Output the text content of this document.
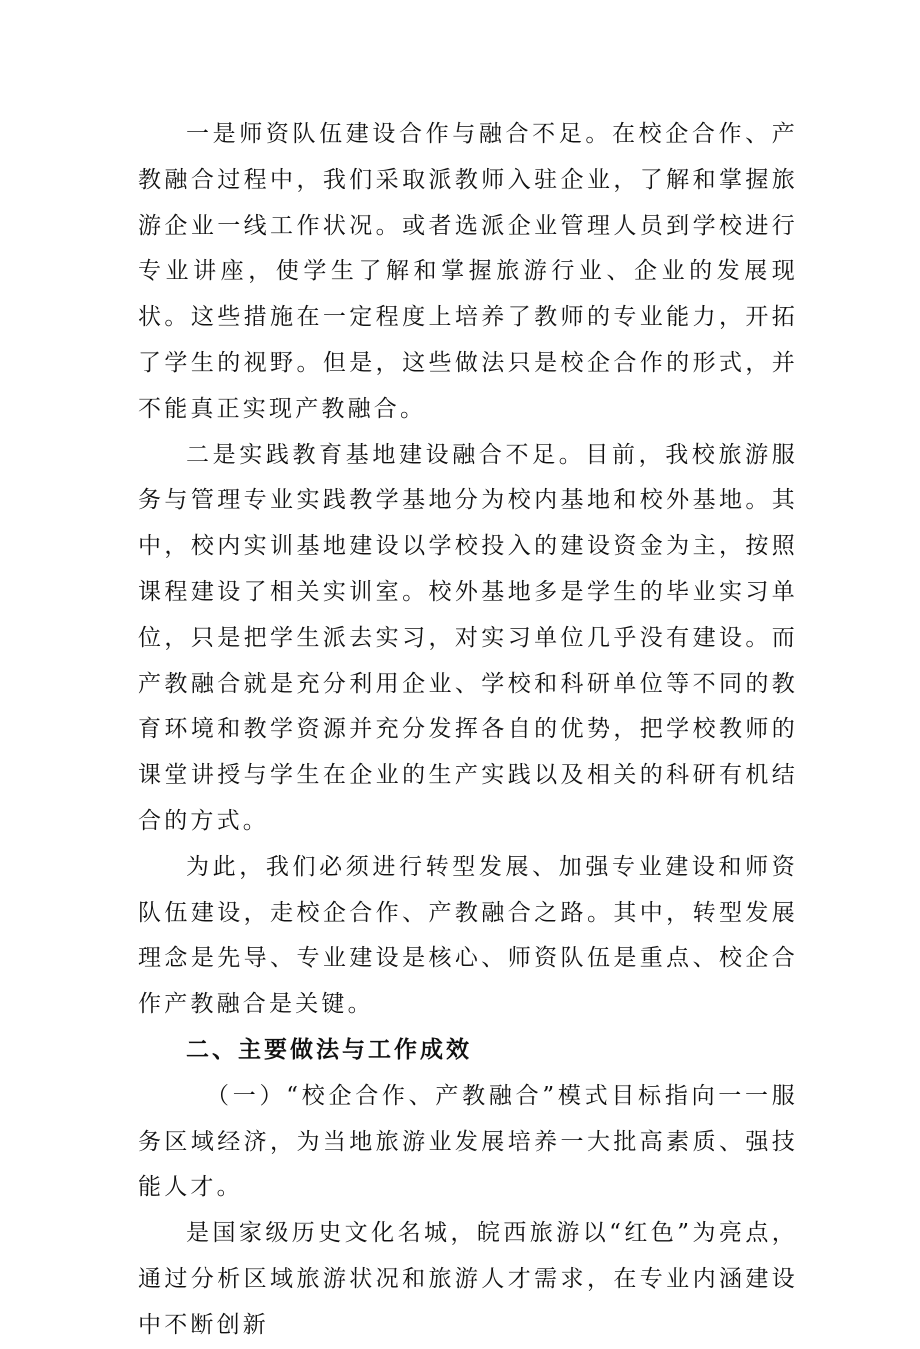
一是师资队伍建设合作与融合不足。在校企合作、产教融合过程中，我们采取派教师入驻企业，了解和掌握旅游企业一线工作状况。或者选派企业管理人员到学校进行专业讲座，使学生了解和掌握旅游行业、企业的发展现状。这些措施在一定程度上培养了教师的专业能力，开拓了学生的视野。但是，这些做法只是校企合作的形式，并不能真正实现产教融合。

二是实践教育基地建设融合不足。目前，我校旅游服务与管理专业实践教学基地分为校内基地和校外基地。其中，校内实训基地建设以学校投入的建设资金为主，按照课程建设了相关实训室。校外基地多是学生的毕业实习单位，只是把学生派去实习，对实习单位几乎没有建设。而产教融合就是充分利用企业、学校和科研单位等不同的教育环境和教学资源并充分发挥各自的优势，把学校教师的课堂讲授与学生在企业的生产实践以及相关的科研有机结合的方式。

为此，我们必须进行转型发展、加强专业建设和师资队伍建设，走校企合作、产教融合之路。其中，转型发展理念是先导、专业建设是核心、师资队伍是重点、校企合作产教融合是关键。

二、主要做法与工作成效

（一）“校企合作、产教融合”模式目标指向一一服务区域经济，为当地旅游业发展培养一大批高素质、强技能人才。

是国家级历史文化名城，皖西旅游以“红色”为亮点，通过分析区域旅游状况和旅游人才需求，在专业内涵建设中不断创新
